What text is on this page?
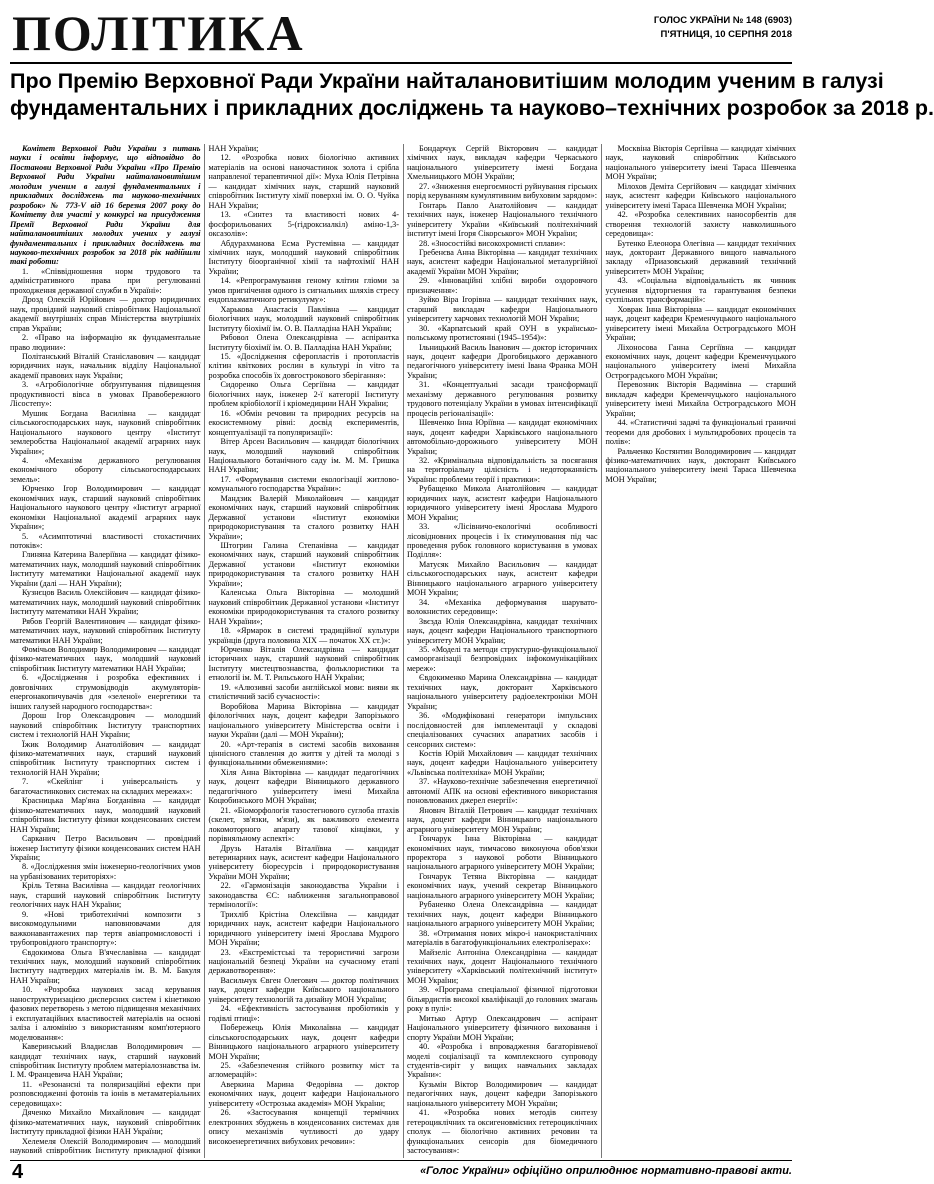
ПОЛІТИКА	ГОЛОС УКРАЇНИ № 148 (6903)
П'ЯТНИЦЯ, 10 СЕРПНЯ 2018
Про Премію Верховної Ради України найталановитішим молодим ученим в галузі
фундаментальних і прикладних досліджень та науково–технічних розробок за 2018 р.

Комітет Верховної Ради України з питань науки і освіти інформує, що відповідно до Постанови Верховної Ради України «Про Премію Верховної Ради України найталановитішим молодим ученим в галузі фундаментальних і прикладних досліджень та науково-технічних розробок» № 773-V від 16 березня 2007 року до Комітету для участі у конкурсі на присудження Премії Верховної Ради України для найталановитіших молодих учених у галузі фундаментальних і прикладних досліджень та науково-технічних розробок за 2018 рік надійшли такі роботи:

1. «Співвідношення норм трудового та адміністративного права при регулюванні проходження державної служби в Україні»:

Дрозд Олексій Юрійович — доктор юридичних наук, провідний науковий співробітник Національної академії внутрішніх справ Міністерства внутрішніх справ України;

2. «Право на інформацію як фундаментальне право людини»:

Політанський Віталій Станіславович — кандидат юридичних наук, начальник відділу Національної академії правових наук України;

3. «Агробіологічне обґрунтування підвищення продуктивності вівса в умовах Правобережного Лісостепу»:

Мушик Богдана Василівна — кандидат сільськогосподарських наук, науковий співробітник Національного наукового центру «Інститут землеробства Національної академії аграрних наук України»;

4. «Механізм державного регулювання економічного обороту сільськогосподарських земель»:

Юрченко Ігор Володимирович — кандидат економічних наук, старший науковий співробітник Національного наукового центру «Інститут аграрної економіки Національної академії аграрних наук України»;

5. «Асимптотичні властивості стохастичних потоків»:

Глиняна Катерина Валеріївна — кандидат фізико-математичних наук, молодший науковий співробітник Інституту математики Національної академії наук України (далі — НАН України);

Кузнєцов Василь Олексійович — кандидат фізико-математичних наук, молодший науковий співробітник Інституту математики НАН України;

Рябов Георгій Валентинович — кандидат фізико-математичних наук, науковий співробітник Інституту математики НАН України;

Фомічьов Володимир Володимирович — кандидат фізико-математичних наук, молодший науковий співробітник Інституту математики НАН України;

6. «Дослідження і розробка ефективних і довговічних струмовідводів акумуляторів-енергонакопичувачів для «зеленої» енергетики та інших галузей народного господарства»:

Дорош Ігор Олександрович — молодший науковий співробітник Інституту транспортних систем і технологій НАН України;

Їжик Володимир Анатолійович — кандидат фізико-математичних наук, старший науковий співробітник Інституту транспортних систем і технологій НАН України;

7. «Скейлінг і універсальність у багаточастинкових системах на складних мережах»:

Красницька Мар'яна Богданівна — кандидат фізико-математичних наук, молодший науковий співробітник Інституту фізики конденсованих систем НАН України;

Сарканич Петро Васильович — провідний інженер Інституту фізики конденсованих систем НАН України;

8. «Дослідження змін інженерно-геологічних умов на урбанізованих територіях»:

Кріль Тетяна Василівна — кандидат геологічних наук, старший науковий співробітник Інституту геологічних наук НАН України;

9. «Нові триботехнічні композити з високомодульними наповнювачами для важконавантажених пар тертя авіапромисловості і трубопровідного транспорту»:

Євдокимова Ольга В'ячеславівна — кандидат технічних наук, молодший науковий співробітник Інституту надтвердих матеріалів ім. В. М. Бакуля НАН України;

10. «Розробка наукових засад керування наноструктуризацією дисперсних систем і кінетикою фазових перетворень з метою підвищення механічних і експлуатаційних властивостей матеріалів на основі заліза і алюмінію з використанням комп'ютерного моделювання»:

Каверинський Владислав Володимирович — кандидат технічних наук, старший науковий співробітник Інституту проблем матеріалознавства ім. І. М. Францевича НАН України;

11. «Резонансні та поляризаційні ефекти при розповсюдженні фотонів та іонів в метаматеріальних середовищах»:

Дяченко Михайло Михайлович — кандидат фізико-математичних наук, науковий співробітник Інституту прикладної фізики НАН України;

Хелемеля Олексій Володимирович — молодший науковий співробітник Інституту прикладної фізики НАН України;

12. «Розробка нових біологічно активних матеріалів на основі наночастинок золота і срібла направленої терапевтичної дії»: Муха Юлія Петрівна — кандидат хімічних наук, старший науковий співробітник Інституту хімії поверхні ім. О. О. Чуйка НАН України;

13. «Синтез та властивості нових 4-фосфорильованих 5-(гідроксиалкіл) аміно-1,3-оксазолів»:

Абдурахманова Есма Рустемівна — кандидат хімічних наук, молодший науковий співробітник Інституту біоорганічної хімії та нафтохімії НАН України;

14. «Репрограмування геному клітин гліоми за умов пригнічення одного із сигнальних шляхів стресу ендоплазматичного ретикулуму»:

Харькова Анастасія Павлівна — кандидат біологічних наук, молодший науковий співробітник Інституту біохімії ім. О. В. Палладіна НАН України;

Рябовол Олена Олександрівна — аспірантка Інституту біохімії ім. О. В. Палладіна НАН України;

15. «Дослідження сферопластів і протопластів клітин квіткових рослин в культурі in vitro та розробка способів їх довгострокового зберігання»:

Сидоренко Ольга Сергіївна — кандидат біологічних наук, інженер 2-ї категорії Інституту проблем кріобіології і кріомедицини НАН України;

16. «Обмін речовин та природних ресурсів на екосистемному рівні: досвід експериментів, концептуалізації та популяризації»:

Вітер Арсен Васильович — кандидат біологічних наук, молодший науковий співробітник Національного ботанічного саду ім. М. М. Гришка НАН України;

17. «Формування системи екологізації житлово-комунального господарства України»:

Мандзик Валерій Миколайович — кандидат економічних наук, старший науковий співробітник Державної установи «Інститут економіки природокористування та сталого розвитку НАН України»;

Штогрин Галина Степанівна — кандидат економічних наук, старший науковий співробітник Державної установи «Інститут економіки природокористування та сталого розвитку НАН України»;

Каленська Ольга Вікторівна — молодший науковий співробітник Державної установи «Інститут економіки природокористування та сталого розвитку НАН України»;

18. «Ярмарок в системі традиційної культури українців (друга половина ХІХ — початок ХХ ст.)»:

Юрченко Віталія Олександрівна — кандидат історичних наук, старший науковий співробітник Інституту мистецтвознавства, фольклористики та етнології ім. М. Т. Рильського НАН України;

19. «Алюзивні засоби англійської мови: вияви як стилістичний засіб сучасності»:

Воробйова Марина Вікторівна — кандидат філологічних наук, доцент кафедри Запорізького національного університету Міністерства освіти і науки України (далі — МОН України);

20. «Арт-терапія в системі засобів виховання ціннісного ставлення до життя у дітей та молоді з функціональними обмеженнями»:

Хіля Анна Вікторівна — кандидат педагогічних наук, доцент кафедри Вінницького державного педагогічного університету імені Михайла Коцюбинського МОН України;

21. «Біоморфологія тазостегнового суглоба птахів (скелет, зв'язки, м'язи), як важливого елемента локомоторного апарату тазової кінцівки, у порівняльному аспекті»:

Друзь Наталія Віталіївна — кандидат ветеринарних наук, асистент кафедри Національного університету біоресурсів і природокористування України МОН України;

22. «Гармонізація законодавства України і законодавства ЄС: наближення загальноправової термінології»:

Трихліб Крістіна Олексіївна — кандидат юридичних наук, асистент кафедри Національного юридичного університету імені Ярослава Мудрого МОН України;

23. «Екстремістські та терористичні загрози національній безпеці України на сучасному етапі державотворення»:

Васильчук Євген Олегович — доктор політичних наук, доцент кафедри Київського національного університету технологій та дизайну МОН України;

24. «Ефективність застосування пробіотиків у годівлі птиці»:

Побережець Юлія Миколаївна — кандидат сільськогосподарських наук, доцент кафедри Вінницького національного аграрного університету МОН України;

25. «Забезпечення стійкого розвитку міст та агломерацій»:

Аверкина Марина Федорівна — доктор економічних наук, доцент кафедри Національного університету «Острозька академія» МОН України;

26. «Застосування концепції термічних електронних збуджень в конденсованих системах для опису механізмів чутливості до удару високоенергетичних вибухових речовин»:

Бондарчук Сергій Вікторович — кандидат хімічних наук, викладач кафедри Черкаського національного університету імені Богдана Хмельницького МОН України;

27. «Зниження енергоємності руйнування гірських порід керуванням кумулятивним вибуховим зарядом»:

Гонтарь Павло Анатолійович — кандидат технічних наук, інженер Національного технічного університету України «Київський політехнічний інститут імені Ігоря Сікорського» МОН України;

28. «Зносостійкі високохромисті сплави»:

Гребенєва Анна Вікторівна — кандидат технічних наук, асистент кафедри Національної металургійної академії України МОН України;

29. «Інноваційні хлібні вироби оздоровчого призначення»:

Зуйко Віра Ігорівна — кандидат технічних наук, старший викладач кафедри Національного університету харчових технологій МОН України;

30. «Карпатський край ОУН в українсько-польському протистоянні (1945–1954)»:

Ільницький Василь Іванович — доктор історичних наук, доцент кафедри Дрогобицького державного педагогічного університету імені Івана Франка МОН України;

31. «Концептуальні засади трансформації механізму державного регулювання розвитку трудового потенціалу України в умовах інтенсифікації процесів регіоналізації»:

Шевченко Інна Юріївна — кандидат економічних наук, доцент кафедри Харківського національного автомобільно-дорожнього університету МОН України;

32. «Кримінальна відповідальність за посягання на територіальну цілісність і недоторканність України: проблеми теорії і практики»:

Рубащенко Микола Анатолійович — кандидат юридичних наук, асистент кафедри Національного юридичного університету імені Ярослава Мудрого МОН України;

33. «Лісівничо-екологічні особливості лісовідновних процесів і їх стимулювання під час проведення рубок головного користування в умовах Поділля»:

Матусяк Михайло Васильович — кандидат сільськогосподарських наук, асистент кафедри Вінницького національного аграрного університету МОН України;

34. «Механіка деформування шарувато-волокнистих середовищ»:

Звєзда Юлія Олександрівна, кандидат технічних наук, доцент кафедри Національного транспортного університету МОН України;

35. «Моделі та методи структурно-функціональної самоорганізації безпровідних інфокомунікаційних мереж»:

Євдокименко Марина Олександрівна — кандидат технічних наук, докторант Харківського національного університету радіоелектроніки МОН України;

36. «Модифіковані генератори імпульсних послідовностей для імплементації у складові спеціалізованих сучасних апаратних засобів і сенсорних систем»:

Костів Юрій Михайлович — кандидат технічних наук, доцент кафедри Національного університету «Львівська політехніка» МОН України;

37. «Науково-технічне забезпечення енергетичної автономії АПК на основі ефективного використання поновлюваних джерел енергії»:

Яновнч Віталій Петрович — кандидат технічних наук, доцент кафедри Вінницького національного аграрного університету МОН України;

Гончарук Інна Вікторівна — кандидат економічних наук, тимчасово виконуюча обов'язки проректора з наукової роботи Вінницького національного аграрного університету МОН України;

Гончарук Тетяна Вікторівна — кандидат економічних наук, учений секретар Вінницького національного аграрного університету МОН України;

Рубаненко Олена Олександрівна — кандидат технічних наук, доцент кафедри Вінницького національного аграрного університету МОН України;

38. «Отримання нових мікро-і нанокристалічних матеріалів в багатофункціональних електролізерах»:

Майзеліс Антоніна Олександрівна — кандидат технічних наук, доцент Національного технічного університету «Харківський політехнічний інститут» МОН України;

39. «Програма спеціальної фізичної підготовки більярдистів високої кваліфікації до головних змагань року в пулі»:

Митько Артур Олександрович — аспірант Національного університету фізичного виховання і спорту України МОН України;

40. «Розробка і впровадження багаторівневої моделі соціалізації та комплексного супроводу студентів-сиріт у вищих навчальних закладах України»:

Кузьмін Віктор Володимирович — кандидат педагогічних наук, доцент кафедри Запорізького національного університету МОН України;

41. «Розробка нових методів синтезу гетероциклічних та оксигеновмісних гетероциклічних сполук — біологічно активних речовин та функціональних сенсорів для біомедичного застосування»:

Москвіна Вікторія Сергіївна — кандидат хімічних наук, науковий співробітник Київського національного університету імені Тараса Шевченка МОН України;

Мілохов Деміта Сергійович — кандидат хімічних наук, асистент кафедри Київського національного університету імені Тараса Шевченка МОН України;

42. «Розробка селективних наносорбентів для створення технологій захисту навколишнього середовища»:

Бутенко Елеонора Олегівна — кандидат технічних наук, докторант Державного вищого навчального закладу «Приазовський державний технічний університет» МОН України;

43. «Соціальна відповідальність як чинник усунення відторгнення та гарантування безпеки суспільних трансформацій»:

Ховрак Інна Вікторівна — кандидат економічних наук, доцент кафедри Кременчуцького національного університету імені Михайла Остроградського МОН України;

Ліхоносова Ганна Сергіївна — кандидат економічних наук, доцент кафедри Кременчуцького національного університету імені Михайла Остроградського МОН України;

Перевозник Вікторія Вадимівна — старший викладач кафедри Кременчуцького національного університету імені Михайла Остроградського МОН України;

44. «Статистичні задачі та функціональні граничні теореми для дробових і мультидробових процесів та полів»:

Ральченко Костянтин Володимирович — кандидат фізико-математичних наук, докторант Київського національного університету імені Тараса Шевченка МОН України;

4	«Голос України» офіційно оприлюднює нормативно-правові акти.
